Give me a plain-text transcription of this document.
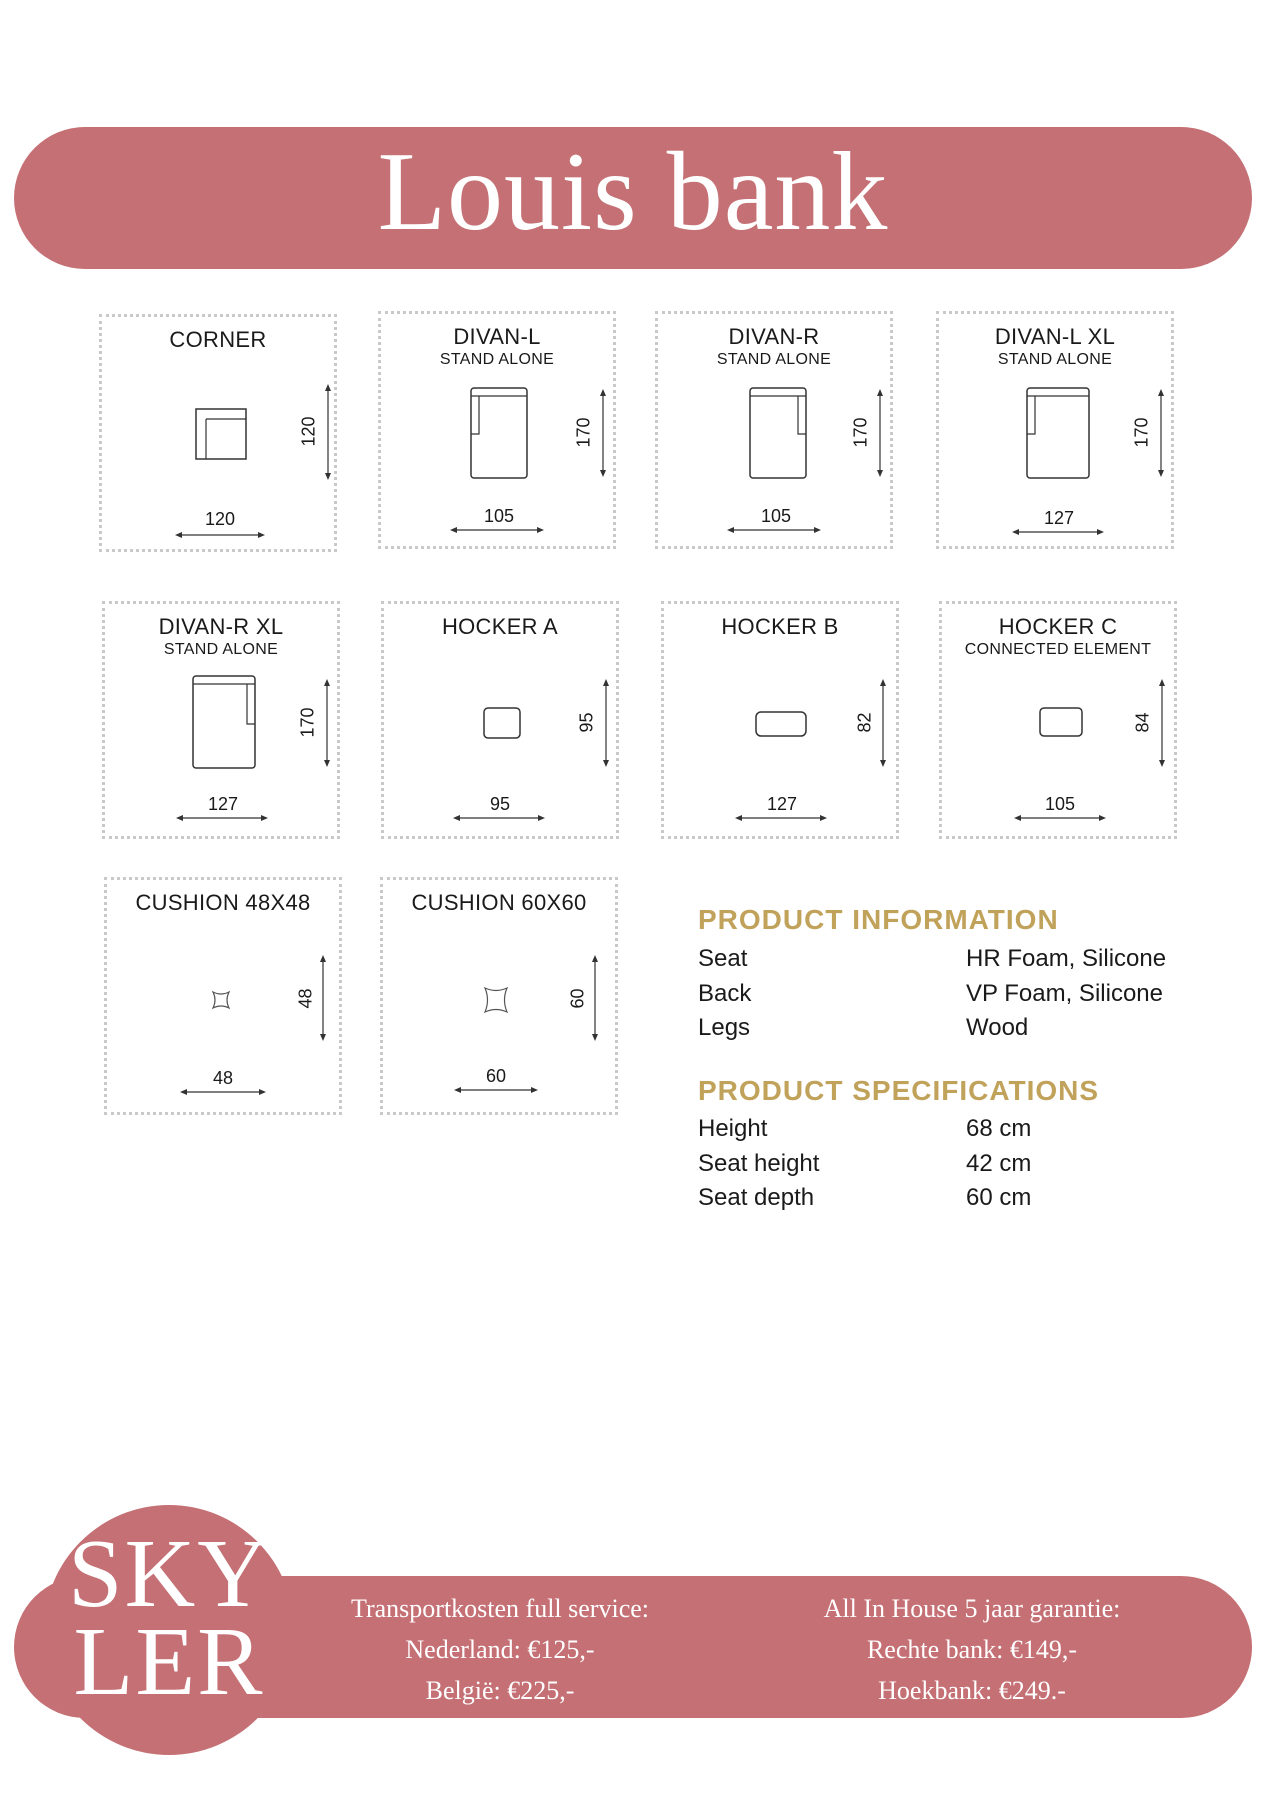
Louis bank
CORNER
120
120
DIVAN-L
STAND ALONE
170
105
DIVAN-R
STAND ALONE
170
105
DIVAN-L XL
STAND ALONE
170
127
DIVAN-R XL
STAND ALONE
170
127
HOCKER A
95
95
HOCKER B
82
127
HOCKER C
CONNECTED ELEMENT
84
105
CUSHION 48X48
48
48
CUSHION 60X60
60
60
PRODUCT INFORMATION
Seat	HR Foam, Silicone
Back	VP Foam, Silicone
Legs	Wood
PRODUCT SPECIFICATIONS
Height	68 cm
Seat height	42 cm
Seat depth	60 cm
SKY
LER	Transportkosten full service:
Nederland: €125,-
België: €225,-
All In House 5 jaar garantie:
Rechte bank: €149,-
Hoekbank: €249.-
